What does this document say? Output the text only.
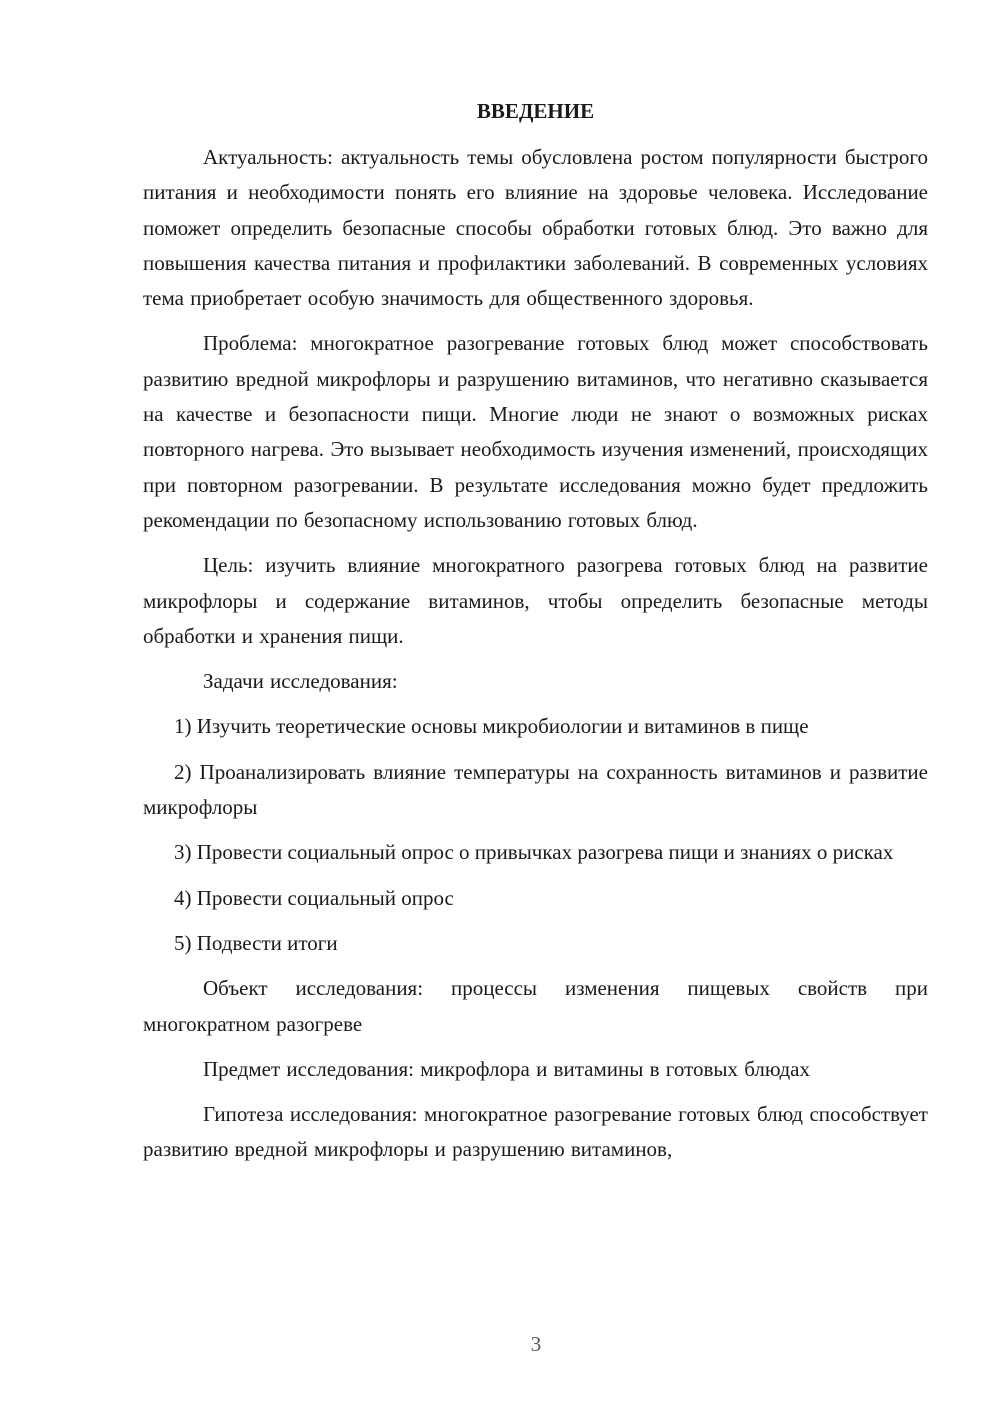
ВВЕДЕНИЕ

Актуальность: актуальность темы обусловлена ростом популярности быстрого питания и необходимости понять его влияние на здоровье человека. Исследование поможет определить безопасные способы обработки готовых блюд. Это важно для повышения качества питания и профилактики заболеваний. В современных условиях тема приобретает особую значимость для общественного здоровья.

Проблема: многократное разогревание готовых блюд может способствовать развитию вредной микрофлоры и разрушению витаминов, что негативно сказывается на качестве и безопасности пищи. Многие люди не знают о возможных рисках повторного нагрева. Это вызывает необходимость изучения изменений, происходящих при повторном разогревании. В результате исследования можно будет предложить рекомендации по безопасному использованию готовых блюд.

Цель: изучить влияние многократного разогрева готовых блюд на развитие микрофлоры и содержание витаминов, чтобы определить безопасные методы обработки и хранения пищи.

Задачи исследования:

1) Изучить теоретические основы микробиологии и витаминов в пище

2) Проанализировать влияние температуры на сохранность витаминов и развитие микрофлоры

3) Провести социальный опрос о привычках разогрева пищи и знаниях о рисках

4) Провести социальный опрос

5) Подвести итоги

Объект исследования: процессы изменения пищевых свойств при многократном разогреве

Предмет исследования: микрофлора и витамины в готовых блюдах

Гипотеза исследования: многократное разогревание готовых блюд способствует развитию вредной микрофлоры и разрушению витаминов,

3
